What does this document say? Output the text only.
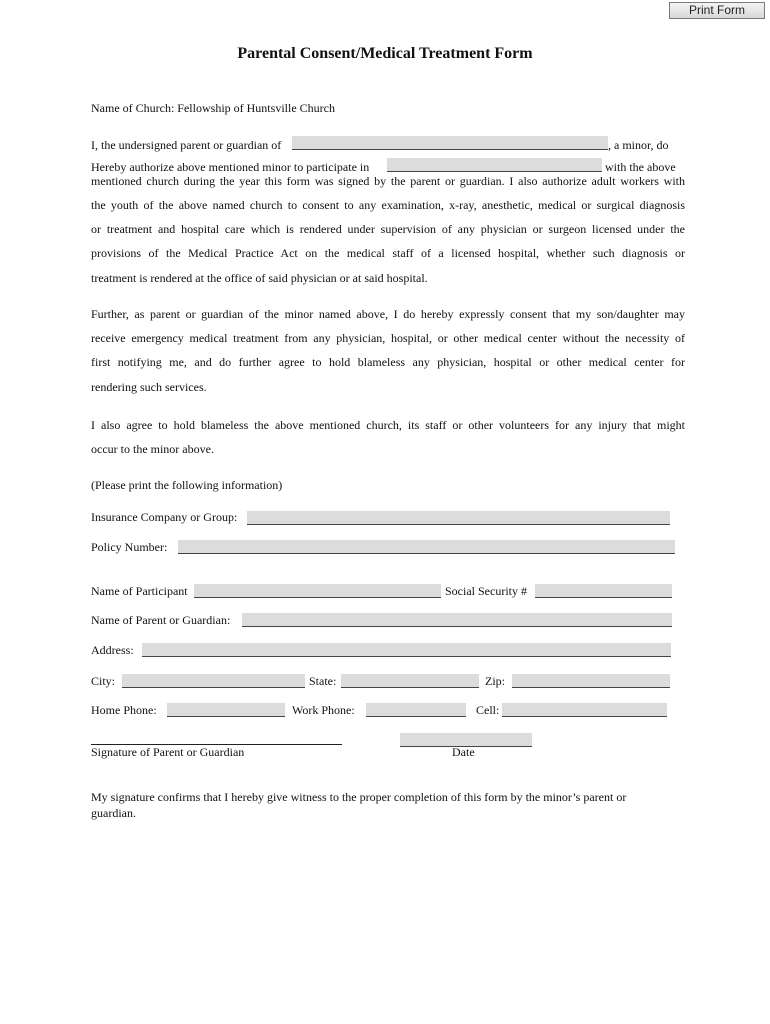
Print Form
Parental Consent/Medical Treatment Form
Name of Church: Fellowship of Huntsville Church
I, the undersigned parent or guardian of	, a minor, do
Hereby authorize above mentioned minor to participate in	with the above
mentioned church during the year this form was signed by the parent or guardian. I also authorize adult workers with
the youth of the above named church to consent to any examination, x-ray, anesthetic, medical or surgical diagnosis
or treatment and hospital care which is rendered under supervision of any physician or surgeon licensed under the
provisions of the Medical Practice Act on the medical staff of a licensed hospital, whether such diagnosis or
treatment is rendered at the office of said physician or at said hospital.
Further, as parent or guardian of the minor named above, I do hereby expressly consent that my son/daughter may
receive emergency medical treatment from any physician, hospital, or other medical center without the necessity of
first notifying me, and do further agree to hold blameless any physician, hospital or other medical center for
rendering such services.
I also agree to hold blameless the above mentioned church, its staff or other volunteers for any injury that might
occur to the minor above.
(Please print the following information)
Insurance Company or Group:
Policy Number:
Name of Participant	Social Security #
Name of Parent or Guardian:
Address:
City:	State:	Zip:
Home Phone:	Work Phone:	Cell:
Signature of Parent or Guardian	Date
My signature confirms that I hereby give witness to the proper completion of this form by the minor’s parent or
guardian.
